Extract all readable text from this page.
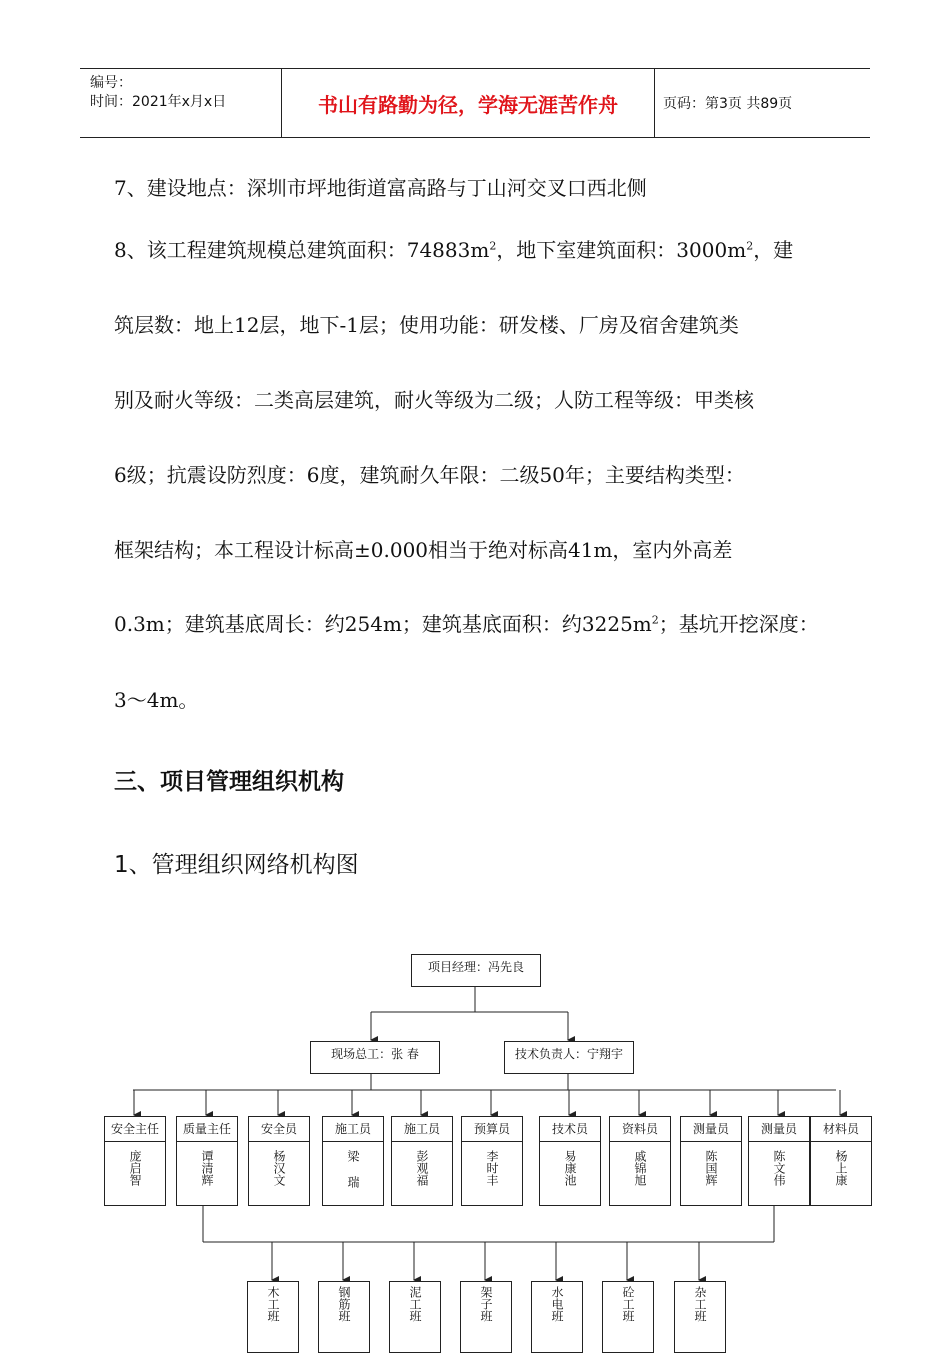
编号：
时间：2021年x月x日	书山有路勤为径，学海无涯苦作舟	页码：第3页 共89页
7、建设地点：深圳市坪地街道富高路与丁山河交叉口西北侧
8、该工程建筑规模总建筑面积：$74883m^2$，地下室建筑面积：$3000m^2$，建
筑层数：地上12层，地下-1层；使用功能：研发楼、厂房及宿舍建筑类
别及耐火等级：二类高层建筑，耐火等级为二级；人防工程等级：甲类核
6级；抗震设防烈度：6度，建筑耐久年限：二级50年；主要结构类型：
框架结构；本工程设计标高±0.000相当于绝对标高41m，室内外高差
0.3m；建筑基底周长：约254m；建筑基底面积：约$3225m^2$；基坑开挖深度：
3～4m。
三、项目管理组织机构
1、管理组织网络机构图
项目经理：冯先良
现场总工：张 春	技术负责人：宁翔宇
安全主任
庞启智
质量主任
谭清辉
安全员
杨汉文
施工员
梁 瑞
施工员
彭观福
预算员
李时丰
技术员
易康池
资料员
戚锦旭
测量员
陈国辉
测量员
陈文伟
材料员
杨上康
木工班	钢筋班	泥工班	架子班	水电班	砼工班	杂工班
